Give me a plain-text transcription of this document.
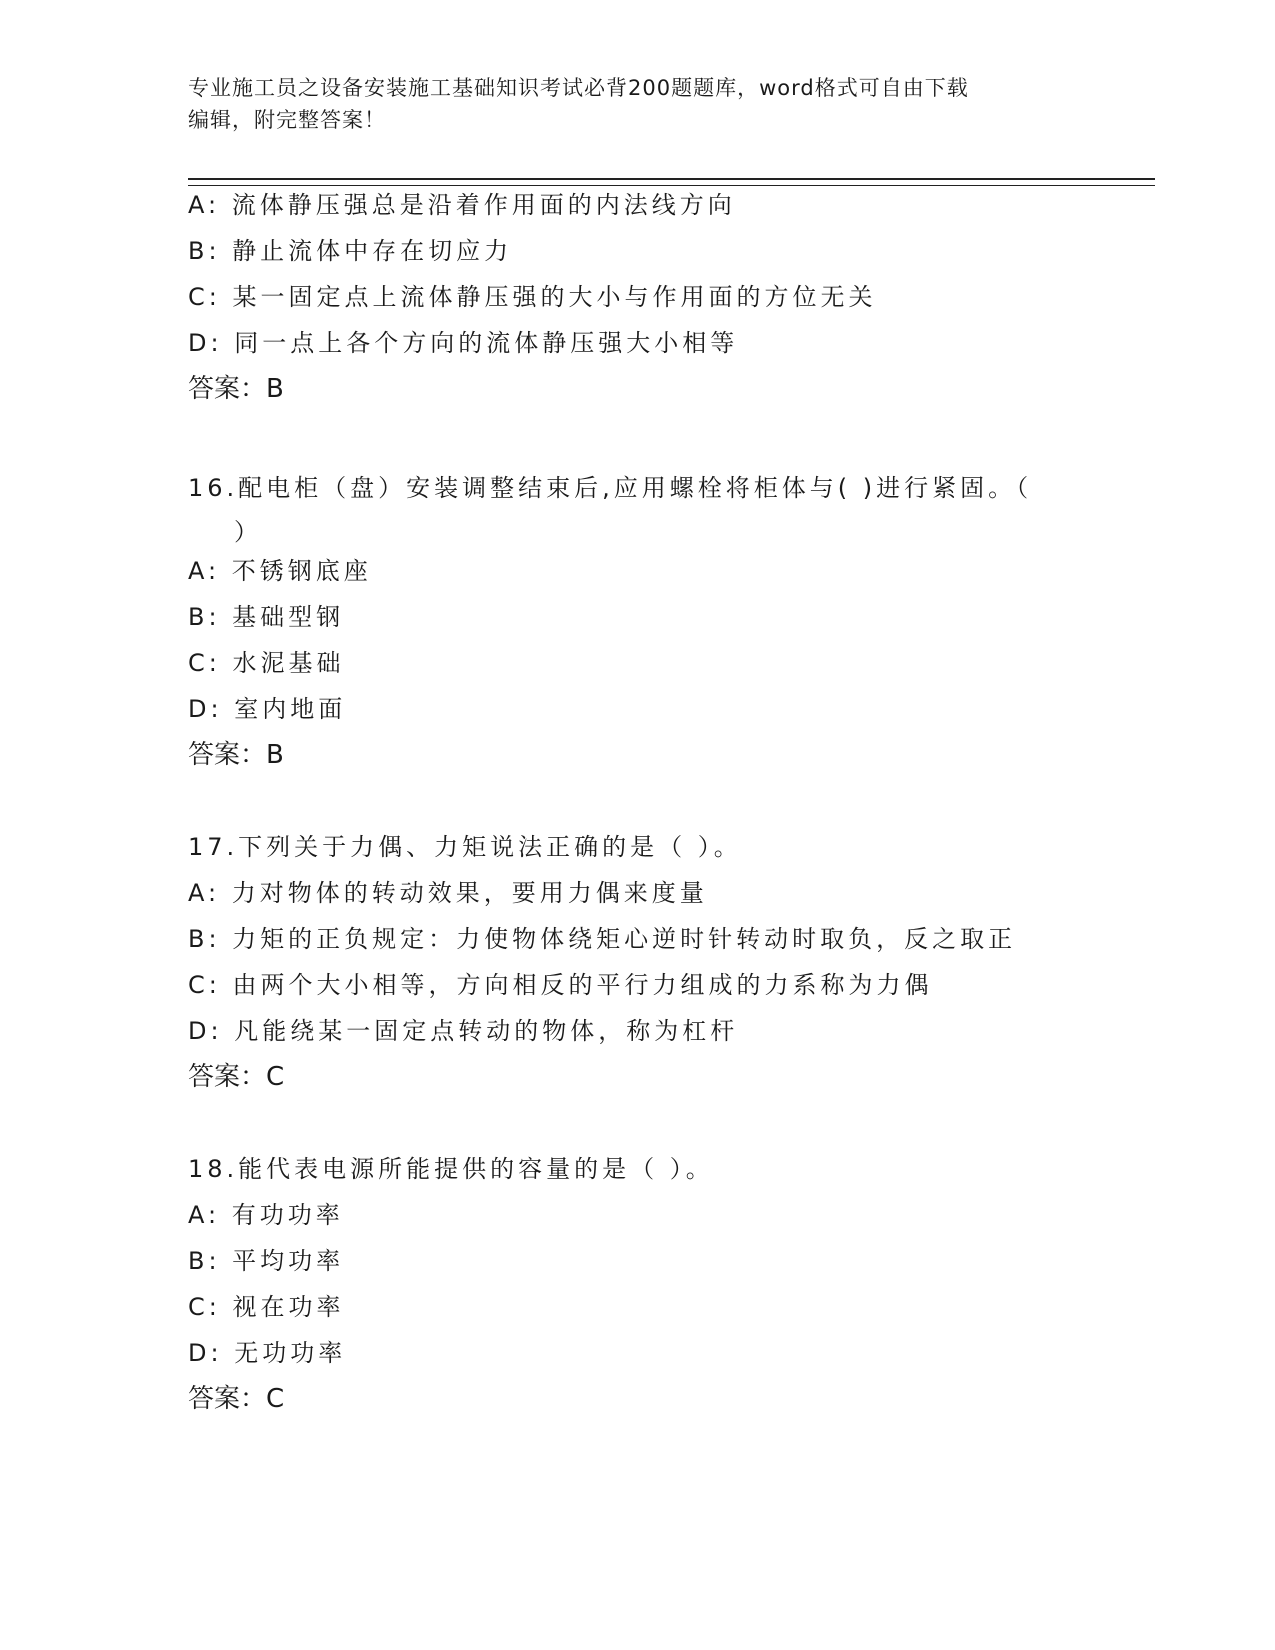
专业施工员之设备安装施工基础知识考试必背200题题库，word格式可自由下载

编辑，附完整答案！

A: 流体静压强总是沿着作用面的内法线方向
B: 静止流体中存在切应力
C: 某一固定点上流体静压强的大小与作用面的方位无关
D: 同一点上各个方向的流体静压强大小相等
答案：B
16.配电柜（盘）安装调整结束后,应用螺栓将柜体与( )进行紧固。（
）
A: 不锈钢底座
B: 基础型钢
C: 水泥基础
D: 室内地面
答案：B
17.下列关于力偶、力矩说法正确的是（ ）。
A: 力对物体的转动效果，要用力偶来度量
B: 力矩的正负规定：力使物体绕矩心逆时针转动时取负，反之取正
C: 由两个大小相等，方向相反的平行力组成的力系称为力偶
D: 凡能绕某一固定点转动的物体，称为杠杆
答案：C
18.能代表电源所能提供的容量的是（ ）。
A: 有功功率
B: 平均功率
C: 视在功率
D: 无功功率
答案：C
